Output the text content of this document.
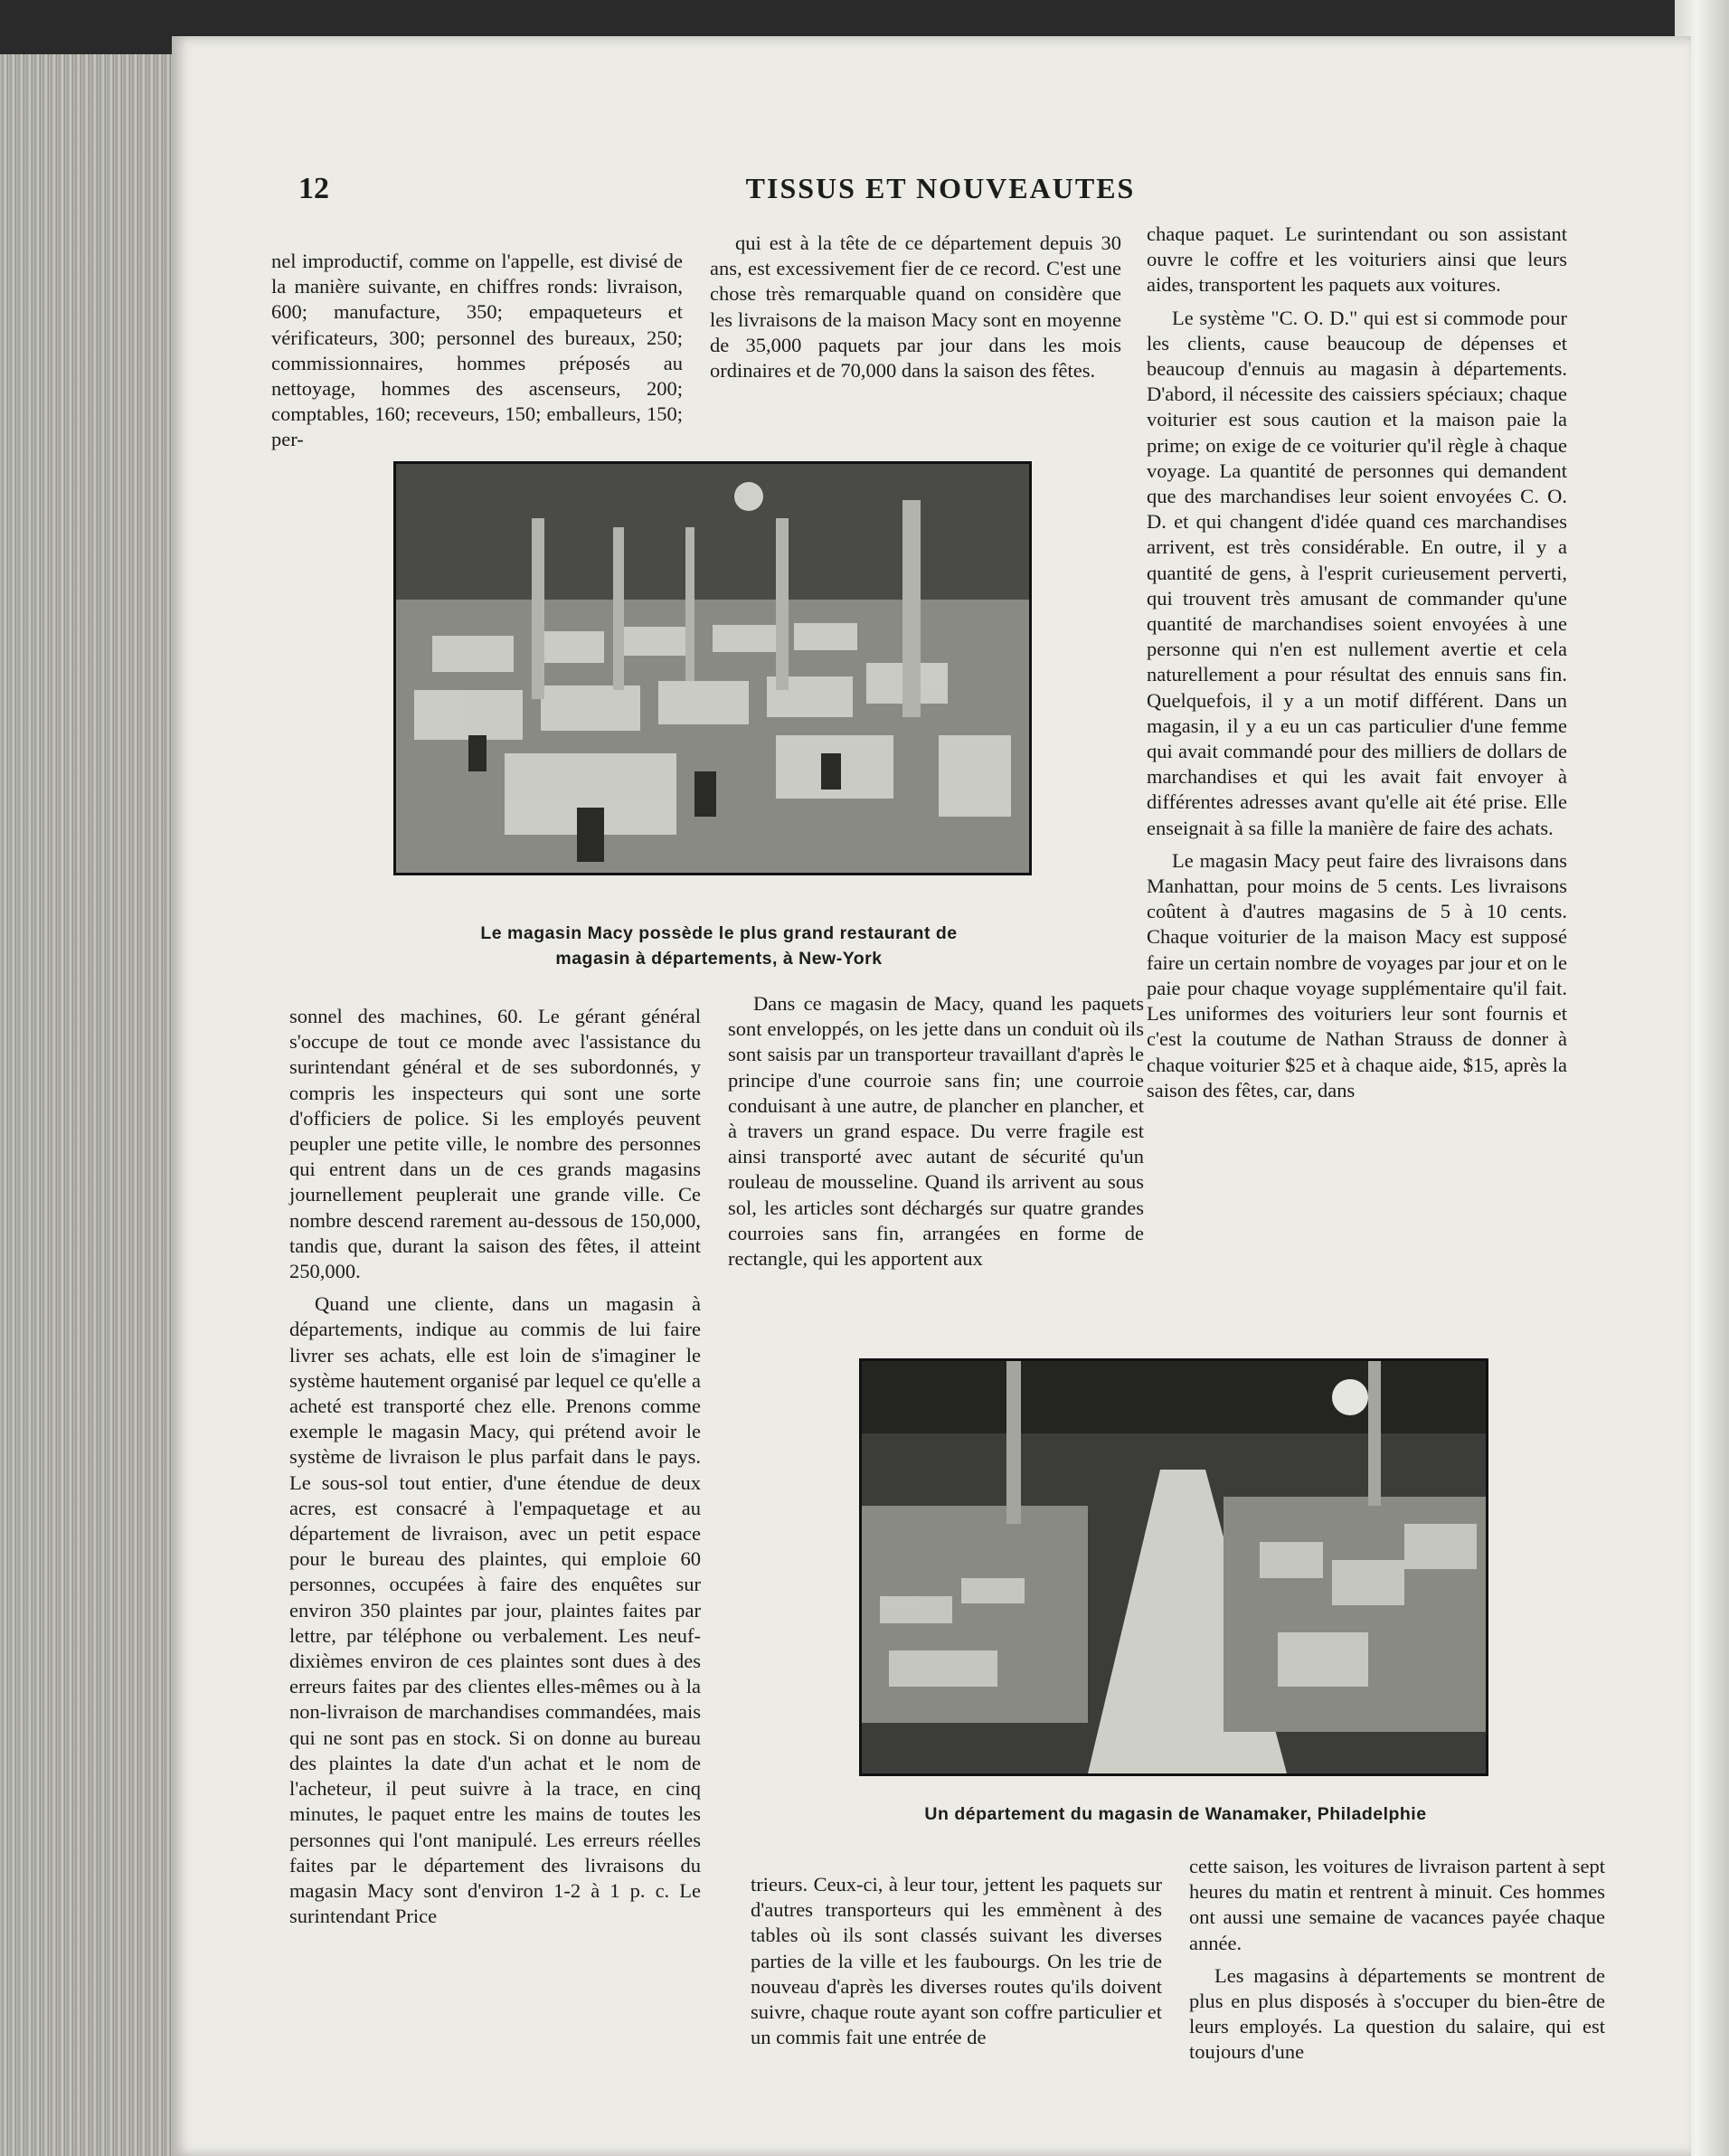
12	TISSUS ET NOUVEAUTES

nel improductif, comme on l'appelle, est divisé de la manière suivante, en chiffres ronds: livraison, 600; manufacture, 350; empaqueteurs et vérificateurs, 300; personnel des bureaux, 250; commissionnaires, hommes préposés au nettoyage, hommes des ascenseurs, 200; comptables, 160; receveurs, 150; emballeurs, 150; per-

qui est à la tête de ce département depuis 30 ans, est excessivement fier de ce record. C'est une chose très remarquable quand on considère que les livraisons de la maison Macy sont en moyenne de 35,000 paquets par jour dans les mois ordinaires et de 70,000 dans la saison des fêtes.

chaque paquet. Le surintendant ou son assistant ouvre le coffre et les voituriers ainsi que leurs aides, transportent les paquets aux voitures.

Le système "C. O. D." qui est si commode pour les clients, cause beaucoup de dépenses et beaucoup d'ennuis au magasin à départements. D'abord, il nécessite des caissiers spéciaux; chaque voiturier est sous caution et la maison paie la prime; on exige de ce voiturier qu'il règle à chaque voyage. La quantité de personnes qui demandent que des marchandises leur soient envoyées C. O. D. et qui changent d'idée quand ces marchandises arrivent, est très considérable. En outre, il y a quantité de gens, à l'esprit curieusement perverti, qui trouvent très amusant de commander qu'une quantité de marchandises soient envoyées à une personne qui n'en est nullement avertie et cela naturellement a pour résultat des ennuis sans fin. Quelquefois, il y a un motif différent. Dans un magasin, il y a eu un cas particulier d'une femme qui avait commandé pour des milliers de dollars de marchandises et qui les avait fait envoyer à différentes adresses avant qu'elle ait été prise. Elle enseignait à sa fille la manière de faire des achats.

Le magasin Macy peut faire des livraisons dans Manhattan, pour moins de 5 cents. Les livraisons coûtent à d'autres magasins de 5 à 10 cents. Chaque voiturier de la maison Macy est supposé faire un certain nombre de voyages par jour et on le paie pour chaque voyage supplémentaire qu'il fait. Les uniformes des voituriers leur sont fournis et c'est la coutume de Nathan Strauss de donner à chaque voiturier $25 et à chaque aide, $15, après la saison des fêtes, car, dans

Le magasin Macy possède le plus grand restaurant de
magasin à départements, à New-York

sonnel des machines, 60. Le gérant général s'occupe de tout ce monde avec l'assistance du surintendant général et de ses subordonnés, y compris les inspecteurs qui sont une sorte d'officiers de police. Si les employés peuvent peupler une petite ville, le nombre des personnes qui entrent dans un de ces grands magasins journellement peuplerait une grande ville. Ce nombre descend rarement au-dessous de 150,000, tandis que, durant la saison des fêtes, il atteint 250,000.

Quand une cliente, dans un magasin à départements, indique au commis de lui faire livrer ses achats, elle est loin de s'imaginer le système hautement organisé par lequel ce qu'elle a acheté est transporté chez elle. Prenons comme exemple le magasin Macy, qui prétend avoir le système de livraison le plus parfait dans le pays. Le sous-sol tout entier, d'une étendue de deux acres, est consacré à l'empaquetage et au département de livraison, avec un petit espace pour le bureau des plaintes, qui emploie 60 personnes, occupées à faire des enquêtes sur environ 350 plaintes par jour, plaintes faites par lettre, par téléphone ou verbalement. Les neuf-dixièmes environ de ces plaintes sont dues à des erreurs faites par des clientes elles-mêmes ou à la non-livraison de marchandises commandées, mais qui ne sont pas en stock. Si on donne au bureau des plaintes la date d'un achat et le nom de l'acheteur, il peut suivre à la trace, en cinq minutes, le paquet entre les mains de toutes les personnes qui l'ont manipulé. Les erreurs réelles faites par le département des livraisons du magasin Macy sont d'environ 1-2 à 1 p. c. Le surintendant Price

Dans ce magasin de Macy, quand les paquets sont enveloppés, on les jette dans un conduit où ils sont saisis par un transporteur travaillant d'après le principe d'une courroie sans fin; une courroie conduisant à une autre, de plancher en plancher, et à travers un grand espace. Du verre fragile est ainsi transporté avec autant de sécurité qu'un rouleau de mousseline. Quand ils arrivent au sous sol, les articles sont déchargés sur quatre grandes courroies sans fin, arrangées en forme de rectangle, qui les apportent aux

Un département du magasin de Wanamaker, Philadelphie

trieurs. Ceux-ci, à leur tour, jettent les paquets sur d'autres transporteurs qui les emmènent à des tables où ils sont classés suivant les diverses parties de la ville et les faubourgs. On les trie de nouveau d'après les diverses routes qu'ils doivent suivre, chaque route ayant son coffre particulier et un commis fait une entrée de

cette saison, les voitures de livraison partent à sept heures du matin et rentrent à minuit. Ces hommes ont aussi une semaine de vacances payée chaque année.

Les magasins à départements se montrent de plus en plus disposés à s'occuper du bien-être de leurs employés. La question du salaire, qui est toujours d'une
